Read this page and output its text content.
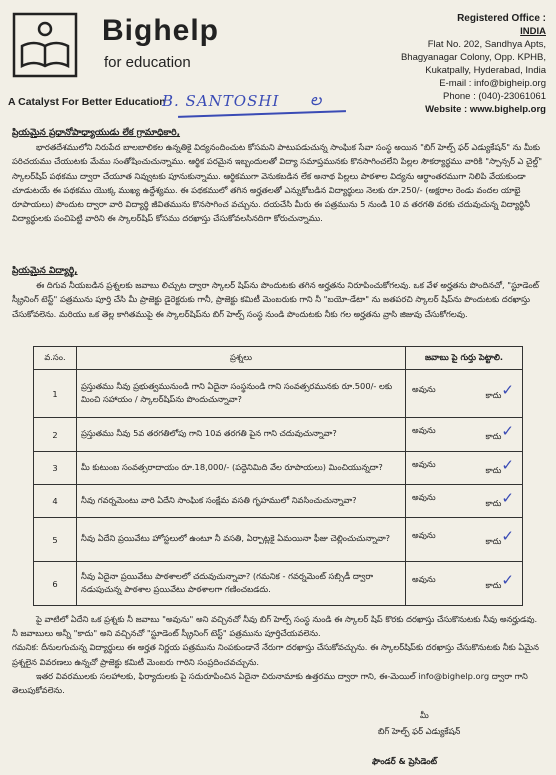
Bighelp
for education
A Catalyst For Better Education
B. SANTOSHI	ల
Registered Office :
INDIA
Flat No. 202, Sandhya Apts,
Bhagyanagar Colony, Opp. KPHB,
Kukatpally, Hyderabad, India
E-mail : info@bigheip.org
Phone : (040)-23061061
Website : www.bighelp.org

ప్రియమైన ప్రధానోపాధ్యాయుడు లేక గ్రామాధికారి,

భారతదేశములోని నిరుపేద బాలబాలికల ఉన్నతికై విద్యనందించుట కోసమని పాటుపడుచున్న సాంఘిక సేవా సంస్థ అయిన "బిగ్ హెల్ప్ ఫర్ ఎడ్యుకేషన్" ను మీకు పరిచయము చేయుటకు మేము సంతోషించుచున్నాము. ఆర్థిక పరమైన ఇబ్బందులతో విద్యా సమాప్తమునకు కొనసాగించలేని పిల్లల సౌకర్యార్థము వారికి "స్పాన్సర్ ఎ చైల్డ్" స్కాలర్‌షిప్ పథకము ద్వారా చేయూత నివ్వుటకు పూనుకున్నాము. ఆర్థికముగా వెనుకబడిన లేక అనాథ పిల్లలు పాఠశాల విద్యను ఆర్థాంతరముగా నిలిపి వేయకుండా చూడుటయే ఈ పథకము యొక్క ముఖ్య ఉద్దేశ్యము. ఈ పథకములో తగిన అర్హతలతో ఎన్నుకోబడిన విద్యార్థులు నెలకు రూ.250/- (అక్షరాల రెండు వందల యాభై రూపాయలు) పొందుట ద్వారా వారి విద్యార్థి జీవితమును కొనసాగించ వచ్చును. దయచేసి మీరు ఈ పత్రమును 5 నుండి 10 వ తరగతి వరకు చదువుచున్న విద్యార్థినీ విద్యార్థులకు పంచిపెట్టి వారిని ఈ స్కాలర్‌షిప్ కోసము దరఖాస్తు చేసుకోవలసినదిగా కోరుచున్నాము.

ప్రియమైన విద్యార్థి,

ఈ దిగువ నీయబడిన ప్రశ్నలకు జవాబు లిచ్చుట ద్వారా స్కాలర్ షిప్‌ను పొందుటకు తగిన అర్హతను నిరూపించుకోగలవు. ఒక వేళ అర్హతను పొందినచో, "స్టూడెంట్ స్క్రీనింగ్ టెస్ట్" పత్రమును పూర్తి చేసి మీ ప్రాజెక్టు డైరెక్టరుకు గానీ, ప్రాజెక్టు కమిటీ మెంబరుకు గాని నీ "బయో-డేటా" ను జతపరచి స్కాలర్ షిప్‌ను పొందుటకు దరఖాస్తు చేసుకోవలెను. మరియు ఒక తెల్ల కాగితముపై ఈ స్కాలర్‌షిప్‌ను బిగ్ హెల్ప్ సంస్థ నుండి పొందుటకు నీకు గల అర్హతను వ్రాసి జిజువు చేసుకోగలవు.

వ.సం.	ప్రశ్నలు	జవాబు పై గుర్తు పెట్టాలి.
1	ప్రస్తుతము నీవు ప్రభుత్వమునుండి గాని ఏదైనా సంస్థనుండి గాని సంవత్సరమునకు రూ.500/- లకు మించి సహాయం / స్కాలర్‌షిప్‌ను పొందుచున్నావా?	అవును
కాదు✓

2	ప్రస్తుతము నీవు 5వ తరగతిలోపు గాని 10వ తరగతి పైన గాని చదువుచున్నావా?	అవును
కాదు✓

3	మీ కుటుంబ సంవత్సరాదాయం రూ.18,000/- (పద్దెనిమిది వేల రూపాయలు) మించియున్నదా?	అవును
కాదు✓

4	నీవు గవర్నమెంటు వారి ఏదేని సాంఘిక సంక్షేమ వసతి గృహములో నివసించుచున్నావా?	అవును
కాదు✓

5	నీవు ఏదేని ప్రయివేటు హోస్టలులో ఉంటూ నీ వసతి, ఏర్పాట్లకై ఏమయినా ఫీజు చెల్లించుచున్నావా?	అవును
కాదు✓

6	నీవు ఏదైనా ప్రయివేటు పాఠశాలలో చదువుచున్నావా? (గమనిక - గవర్నమెంట్ సబ్సిడీ ద్వారా నడుపుచున్న పాఠశాల ప్రయివేటు పాఠశాలగా గణించబడదు.	అవును
కాదు✓

పై వాటిలో ఏదేని ఒక ప్రశ్నకు నీ జవాబు "అవును" అని వచ్చినచో నీవు బిగ్ హెల్ప్ సంస్థ నుండి ఈ స్కాలర్ షిప్ కొరకు దరఖాస్తు చేసుకొనుటకు నీవు అనర్హుడవు. నీ జవాబులు అన్నీ "కాదు" అని వచ్చినచో "స్టూడెంట్ స్క్రీనింగ్ టెస్ట్" పత్రమును పూర్తిచేయవలెను.

గమనిక: దీనులగుచున్న విద్యార్థులు ఈ అర్హత నిర్ణయ పత్రమును నింపకుండానే నేరుగా దరఖాస్తు చేసుకోవచ్చును. ఈ స్కాలర్‌షిప్‌కు దరఖాస్తు చేసుకొనుటకు నీకు ఏమైన ప్రశ్నలైన వివరణలు ఉన్నచో ప్రాజెక్టు కమిటీ మెంబరు గారిని సంప్రదించవచ్చును.

ఇతర వివరములకు సలహాలకు, ఫిర్యాదులకు పై సదురూపించిన ఏదైనా చిరునామాకు ఉత్తరము ద్వారా గాని, ఈ-మెయిల్ info@bighelp.org ద్వారా గాని తెలుపుకోవలెను.

మీ
బిగ్ హెల్ప్ ఫర్ ఎడ్యుకేషన్
ఫౌండర్ & ప్రెసిడెంట్
